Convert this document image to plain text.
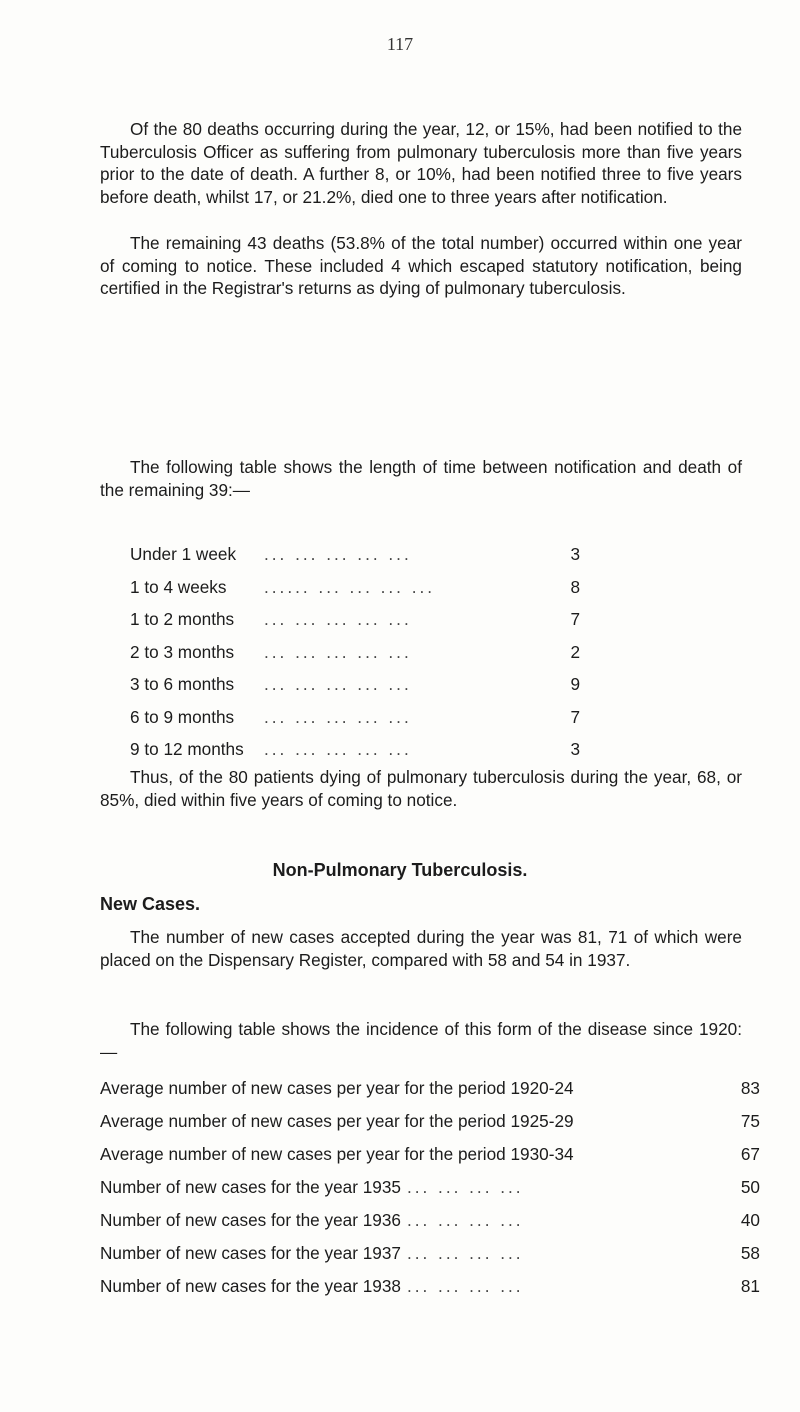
117

Of the 80 deaths occurring during the year, 12, or 15%, had been notified to the Tuberculosis Officer as suffering from pulmonary tuberculosis more than five years prior to the date of death. A further 8, or 10%, had been notified three to five years before death, whilst 17, or 21.2%, died one to three years after notification.

The remaining 43 deaths (53.8% of the total number) occurred within one year of coming to notice. These included 4 which escaped statutory notification, being certified in the Registrar's returns as dying of pulmonary tuberculosis.

The following table shows the length of time between notification and death of the remaining 39:—

Under 1 week	... ... ... ... ...	3
1 to 4 weeks	...... ... ... ... ...	8
1 to 2 months	... ... ... ... ...	7
2 to 3 months	... ... ... ... ...	2
3 to 6 months	... ... ... ... ...	9
6 to 9 months	... ... ... ... ...	7
9 to 12 months	... ... ... ... ...	3

Thus, of the 80 patients dying of pulmonary tuberculosis during the year, 68, or 85%, died within five years of coming to notice.

Non-Pulmonary Tuberculosis.
New Cases.

The number of new cases accepted during the year was 81, 71 of which were placed on the Dispensary Register, compared with 58 and 54 in 1937.

The following table shows the incidence of this form of the disease since 1920:—

Average number of new cases per year for the period 1920-24	83
Average number of new cases per year for the period 1925-29	75
Average number of new cases per year for the period 1930-34	67
Number of new cases for the year 1935 ... ... ... ...	50
Number of new cases for the year 1936 ... ... ... ...	40
Number of new cases for the year 1937 ... ... ... ...	58
Number of new cases for the year 1938 ... ... ... ...	81
